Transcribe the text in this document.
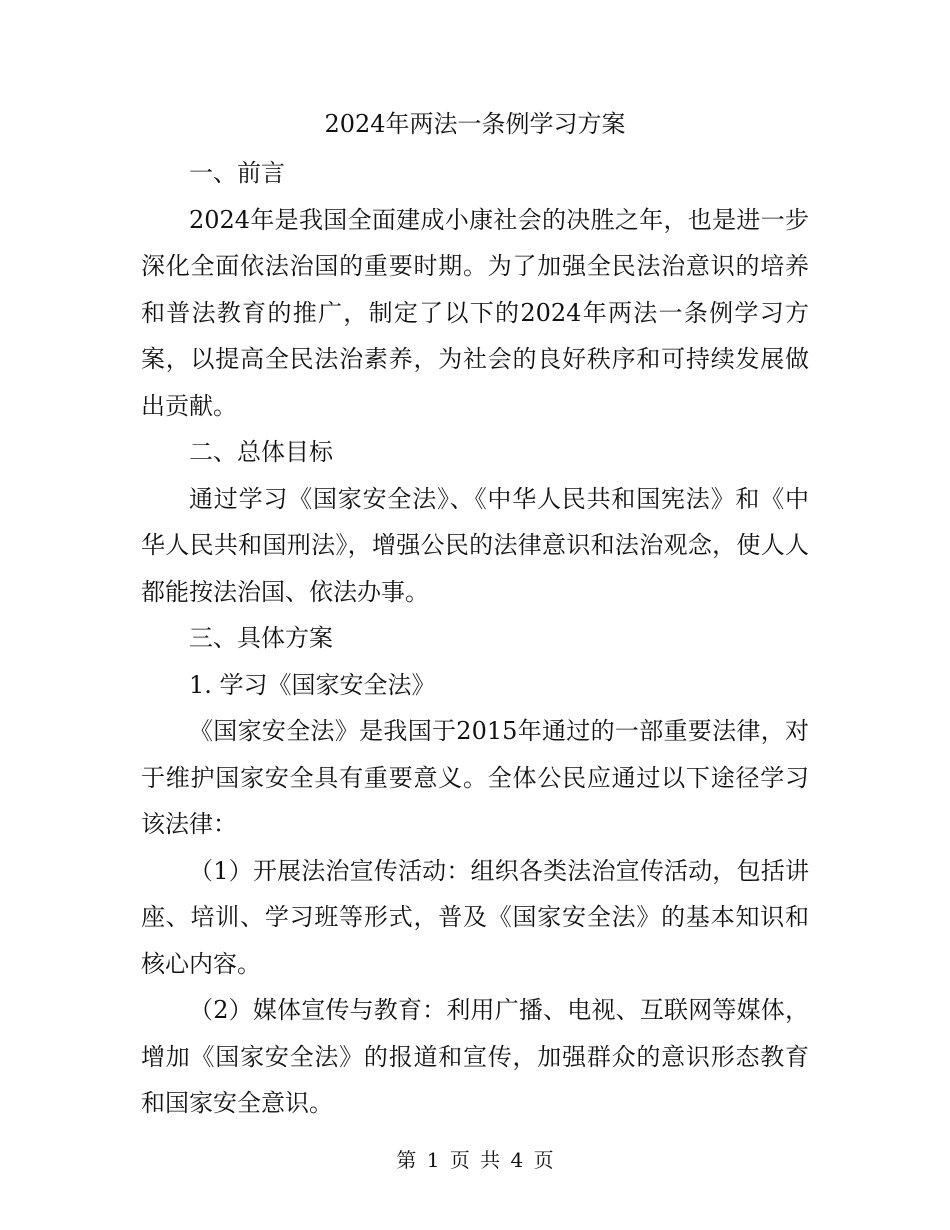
2024年两法一条例学习方案

一、前言

2024年是我国全面建成小康社会的决胜之年，也是进一步深化全面依法治国的重要时期。为了加强全民法治意识的培养和普法教育的推广，制定了以下的2024年两法一条例学习方案，以提高全民法治素养，为社会的良好秩序和可持续发展做出贡献。

二、总体目标

通过学习《国家安全法》、《中华人民共和国宪法》和《中华人民共和国刑法》，增强公民的法律意识和法治观念，使人人都能按法治国、依法办事。

三、具体方案

1. 学习《国家安全法》

《国家安全法》是我国于2015年通过的一部重要法律，对于维护国家安全具有重要意义。全体公民应通过以下途径学习该法律：

（1）开展法治宣传活动：组织各类法治宣传活动，包括讲座、培训、学习班等形式，普及《国家安全法》的基本知识和核心内容。

（2）媒体宣传与教育：利用广播、电视、互联网等媒体，增加《国家安全法》的报道和宣传，加强群众的意识形态教育和国家安全意识。

第 1 页 共 4 页
